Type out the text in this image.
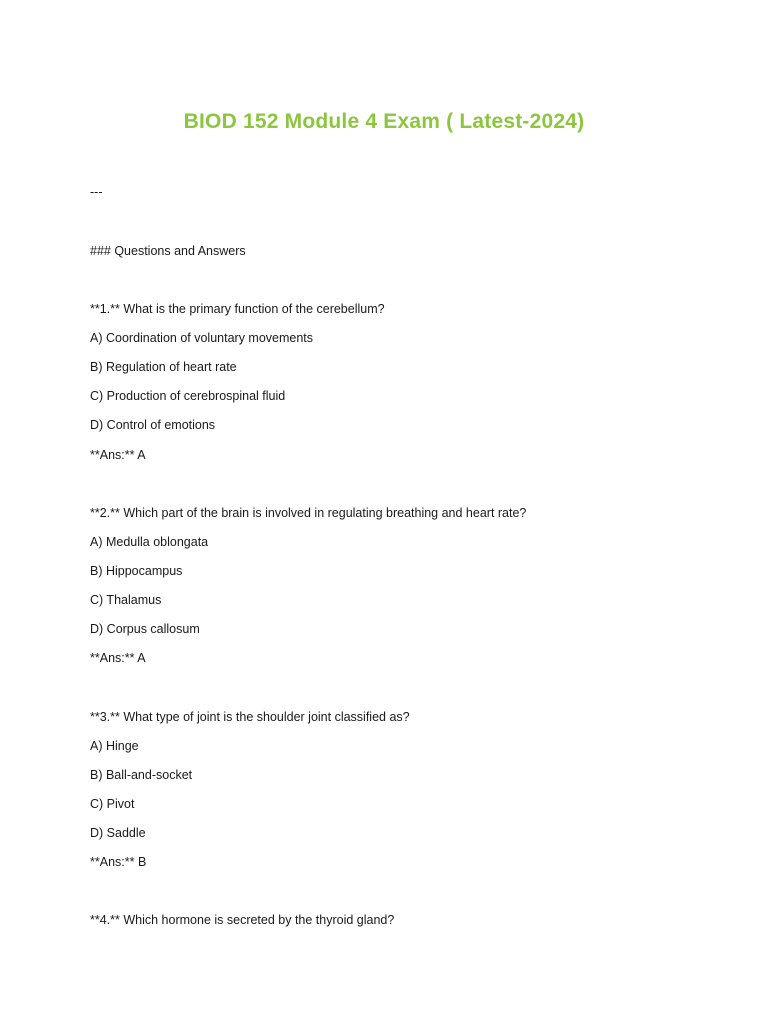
BIOD 152 Module 4 Exam ( Latest-2024)
---
### Questions and Answers
**1.** What is the primary function of the cerebellum?
A) Coordination of voluntary movements
B) Regulation of heart rate
C) Production of cerebrospinal fluid
D) Control of emotions
**Ans:** A
**2.** Which part of the brain is involved in regulating breathing and heart rate?
A) Medulla oblongata
B) Hippocampus
C) Thalamus
D) Corpus callosum
**Ans:** A
**3.** What type of joint is the shoulder joint classified as?
A) Hinge
B) Ball-and-socket
C) Pivot
D) Saddle
**Ans:** B
**4.** Which hormone is secreted by the thyroid gland?
